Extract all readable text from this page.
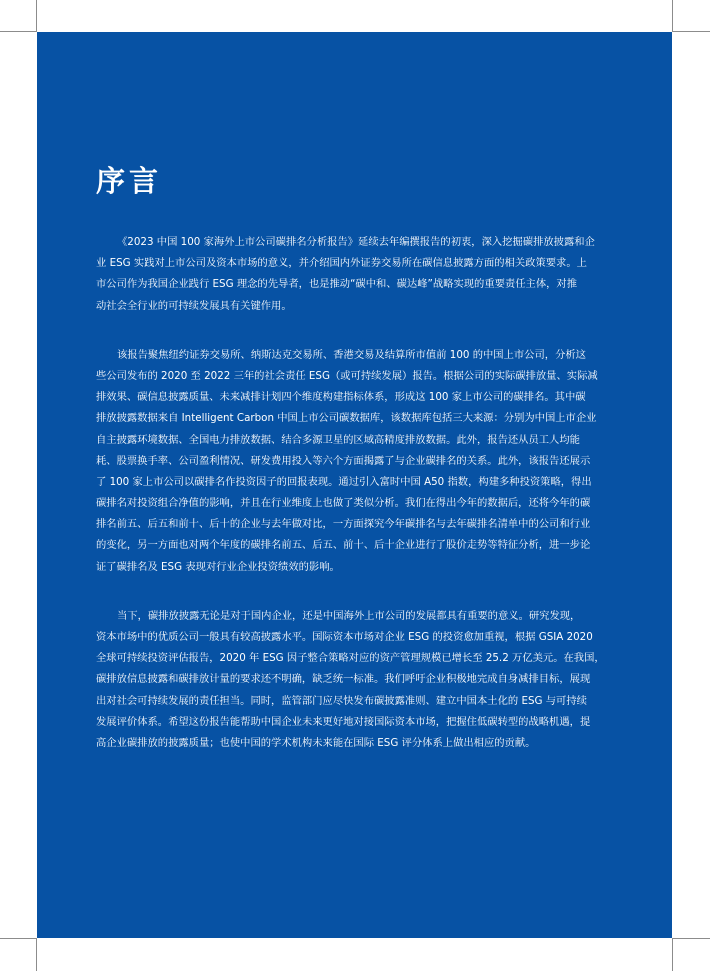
序言

《2023 中国 100 家海外上市公司碳排名分析报告》延续去年编撰报告的初衷，深入挖掘碳排放披露和企
业 ESG 实践对上市公司及资本市场的意义，并介绍国内外证券交易所在碳信息披露方面的相关政策要求。上
市公司作为我国企业践行 ESG 理念的先导者，也是推动“碳中和、碳达峰”战略实现的重要责任主体，对推
动社会全行业的可持续发展具有关键作用。

该报告聚焦纽约证券交易所、纳斯达克交易所、香港交易及结算所市值前 100 的中国上市公司，分析这
些公司发布的 2020 至 2022 三年的社会责任 ESG（或可持续发展）报告。根据公司的实际碳排放量、实际减
排效果、碳信息披露质量、未来减排计划四个维度构建指标体系，形成这 100 家上市公司的碳排名。其中碳
排放披露数据来自 Intelligent Carbon 中国上市公司碳数据库，该数据库包括三大来源：分别为中国上市企业
自主披露环境数据、全国电力排放数据、结合多源卫星的区域高精度排放数据。此外，报告还从员工人均能
耗、股票换手率、公司盈利情况、研发费用投入等六个方面揭露了与企业碳排名的关系。此外，该报告还展示
了 100 家上市公司以碳排名作投资因子的回报表现。通过引入富时中国 A50 指数，构建多种投资策略，得出
碳排名对投资组合净值的影响，并且在行业维度上也做了类似分析。我们在得出今年的数据后，还将今年的碳
排名前五、后五和前十、后十的企业与去年做对比，一方面探究今年碳排名与去年碳排名清单中的公司和行业
的变化，另一方面也对两个年度的碳排名前五、后五、前十、后十企业进行了股价走势等特征分析，进一步论
证了碳排名及 ESG 表现对行业企业投资绩效的影响。

当下，碳排放披露无论是对于国内企业，还是中国海外上市公司的发展都具有重要的意义。研究发现，
资本市场中的优质公司一般具有较高披露水平。国际资本市场对企业 ESG 的投资愈加重视，根据 GSIA 2020
全球可持续投资评估报告，2020 年 ESG 因子整合策略对应的资产管理规模已增长至 25.2 万亿美元。在我国，
碳排放信息披露和碳排放计量的要求还不明确，缺乏统一标准。我们呼吁企业积极地完成自身减排目标，展现
出对社会可持续发展的责任担当。同时，监管部门应尽快发布碳披露准则、建立中国本土化的 ESG 与可持续
发展评价体系。希望这份报告能帮助中国企业未来更好地对接国际资本市场，把握住低碳转型的战略机遇，提
高企业碳排放的披露质量；也使中国的学术机构未来能在国际 ESG 评分体系上做出相应的贡献。
